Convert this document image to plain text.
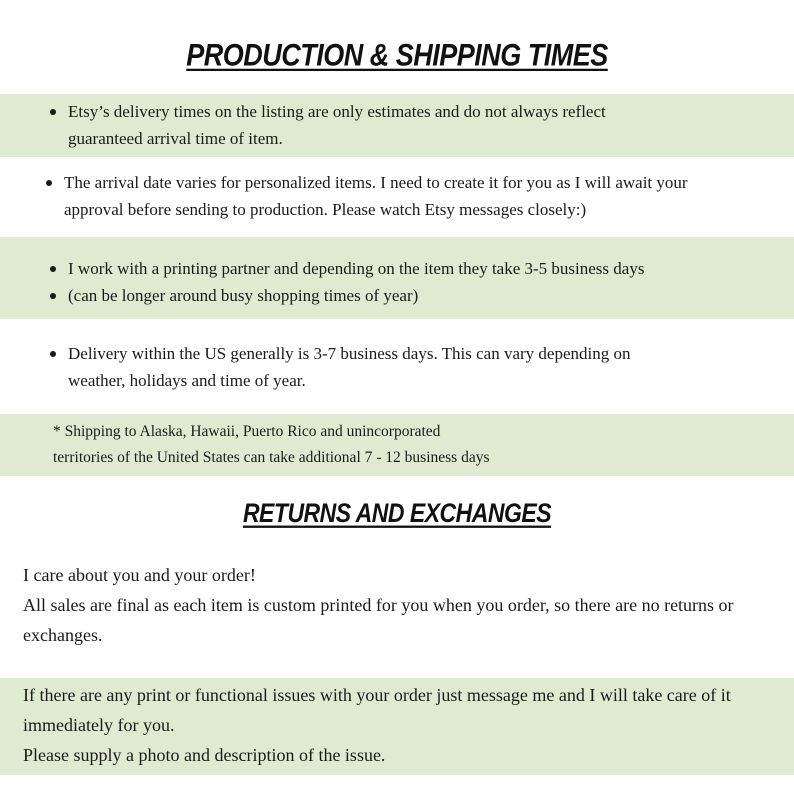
PRODUCTION & SHIPPING TIMES
Etsy’s delivery times on the listing are only estimates and do not always reflect
guaranteed arrival time of item.
The arrival date varies for personalized items. I need to create it for you as I will await your
approval before sending to production. Please watch Etsy messages closely:)
I work with a printing partner and depending on the item they take 3-5 business days
(can be longer around busy shopping times of year)
Delivery within the US generally is 3-7 business days. This can vary depending on
weather, holidays and time of year.
* Shipping to Alaska, Hawaii, Puerto Rico and unincorporated
territories of the United States can take additional 7 - 12 business days
RETURNS AND EXCHANGES

I care about you and your order!

All sales are final as each item is custom printed for you when you order, so there are no returns or

exchanges.

If there are any print or functional issues with your order just message me and I will take care of it

immediately for you.

Please supply a photo and description of the issue.
